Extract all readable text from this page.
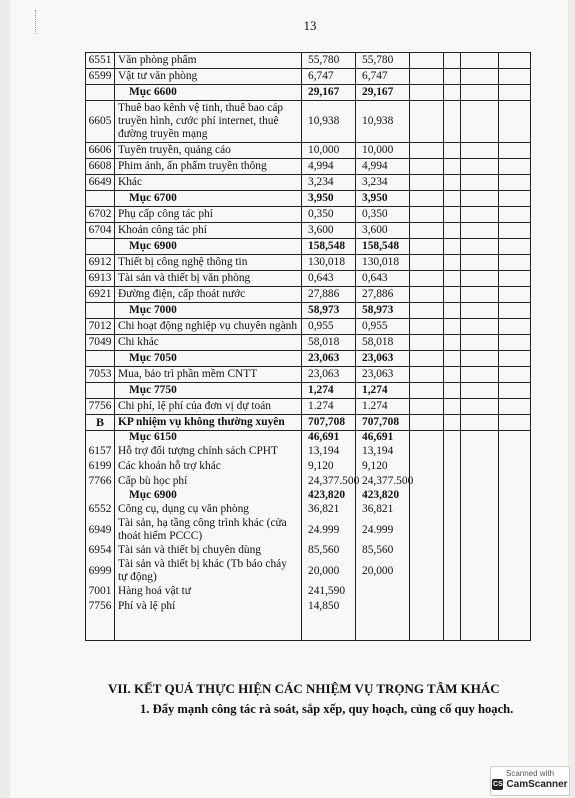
13
6551	Văn phòng phẩm	55,780	55,780				
6599	Vật tư văn phòng	6,747	6,747				
	Mục 6600	29,167	29,167				
6605	Thuê bao kênh vệ tinh, thuê bao cáp truyền hình, cước phí internet, thuê đường truyền mạng	10,938	10,938				
6606	Tuyên truyền, quảng cáo	10,000	10,000				
6608	Phim ảnh, ấn phẩm truyền thông	4,994	4,994				
6649	Khác	3,234	3,234				
	Mục 6700	3,950	3,950				
6702	Phụ cấp công tác phí	0,350	0,350				
6704	Khoán công tác phí	3,600	3,600				
	Mục 6900	158,548	158,548				
6912	Thiết bị công nghệ thông tin	130,018	130,018				
6913	Tài sản và thiết bị văn phòng	0,643	0,643				
6921	Đường điện, cấp thoát nước	27,886	27,886				
	Mục 7000	58,973	58,973				
7012	Chi hoạt động nghiệp vụ chuyên ngành	0,955	0,955				
7049	Chi khác	58,018	58,018				
	Mục 7050	23,063	23,063				
7053	Mua, bảo trì phần mềm CNTT	23,063	23,063				
	Mục 7750	1,274	1,274				
7756	Chi phí, lệ phí của đơn vị dự toán	1.274	1.274				
B	KP nhiệm vụ không thường xuyên	707,708	707,708				
	Mục 6150	46,691	46,691				
6157	Hỗ trợ đối tượng chính sách CPHT	13,194	13,194				
6199	Các khoản hỗ trợ khác	9,120	9,120				
7766	Cấp bù học phí	24,377.500	24,377.500				
	Mục 6900	423,820	423,820				
6552	Công cụ, dụng cụ văn phòng	36,821	36,821				
6949	Tài sản, hạ tầng công trình khác (cửa thoát hiểm PCCC)	24.999	24.999				
6954	Tài sản và thiết bị chuyên dùng	85,560	85,560				
6999	Tài sản và thiết bị khác (Tb báo cháy tự động)	20,000	20,000				
7001	Hàng hoá vật tư	241,590					
7756	Phí và lệ phí	14,850					

VII. KẾT QUẢ THỰC HIỆN CÁC NHIỆM VỤ TRỌNG TÂM KHÁC
1. Đẩy mạnh công tác rà soát, sắp xếp, quy hoạch, củng cố quy hoạch.
Scanned with
CS CamScanner
